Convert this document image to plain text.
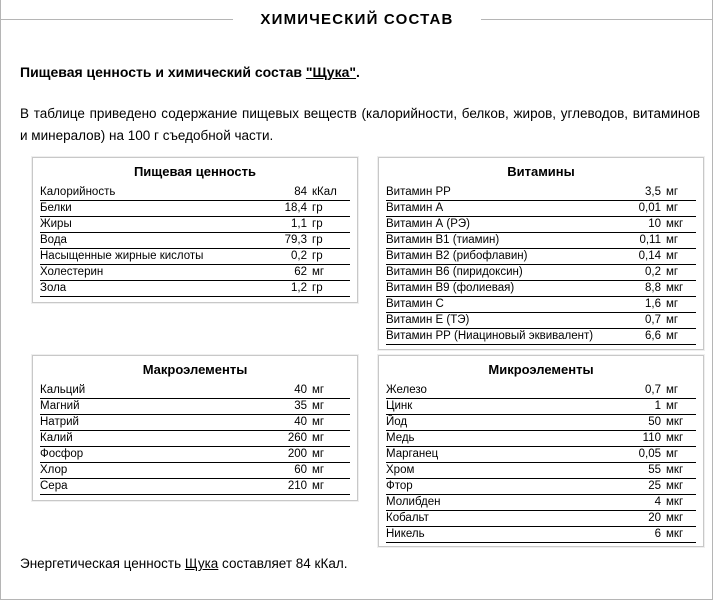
ХИМИЧЕСКИЙ СОСТАВ
Пищевая ценность и химический состав "Щука".
В таблице приведено содержание пищевых веществ (калорийности, белков, жиров, углеводов, витаминов и минералов) на 100 г съедобной части.
Пищевая ценность
Калорийность	84 кКал
Белки	18,4 гр
Жиры	1,1 гр
Вода	79,3 гр
Насыщенные жирные кислоты	0,2 гр
Холестерин	62 мг
Зола	1,2 гр
Витамины
Витамин PP	3,5 мг
Витамин А	0,01 мг
Витамин А (РЭ)	10 мкг
Витамин В1 (тиамин)	0,11 мг
Витамин В2 (рибофлавин)	0,14 мг
Витамин В6 (пиридоксин)	0,2 мг
Витамин В9 (фолиевая)	8,8 мкг
Витамин C	1,6 мг
Витамин Е (ТЭ)	0,7 мг
Витамин РР (Ниациновый эквивалент)	6,6 мг
Макроэлементы
Кальций	40 мг
Магний	35 мг
Натрий	40 мг
Калий	260 мг
Фосфор	200 мг
Хлор	60 мг
Сера	210 мг
Микроэлементы
Железо	0,7 мг
Цинк	1 мг
Йод	50 мкг
Медь	110 мкг
Марганец	0,05 мг
Хром	55 мкг
Фтор	25 мкг
Молибден	4 мкг
Кобальт	20 мкг
Никель	6 мкг
Энергетическая ценность Щука составляет 84 кКал.
